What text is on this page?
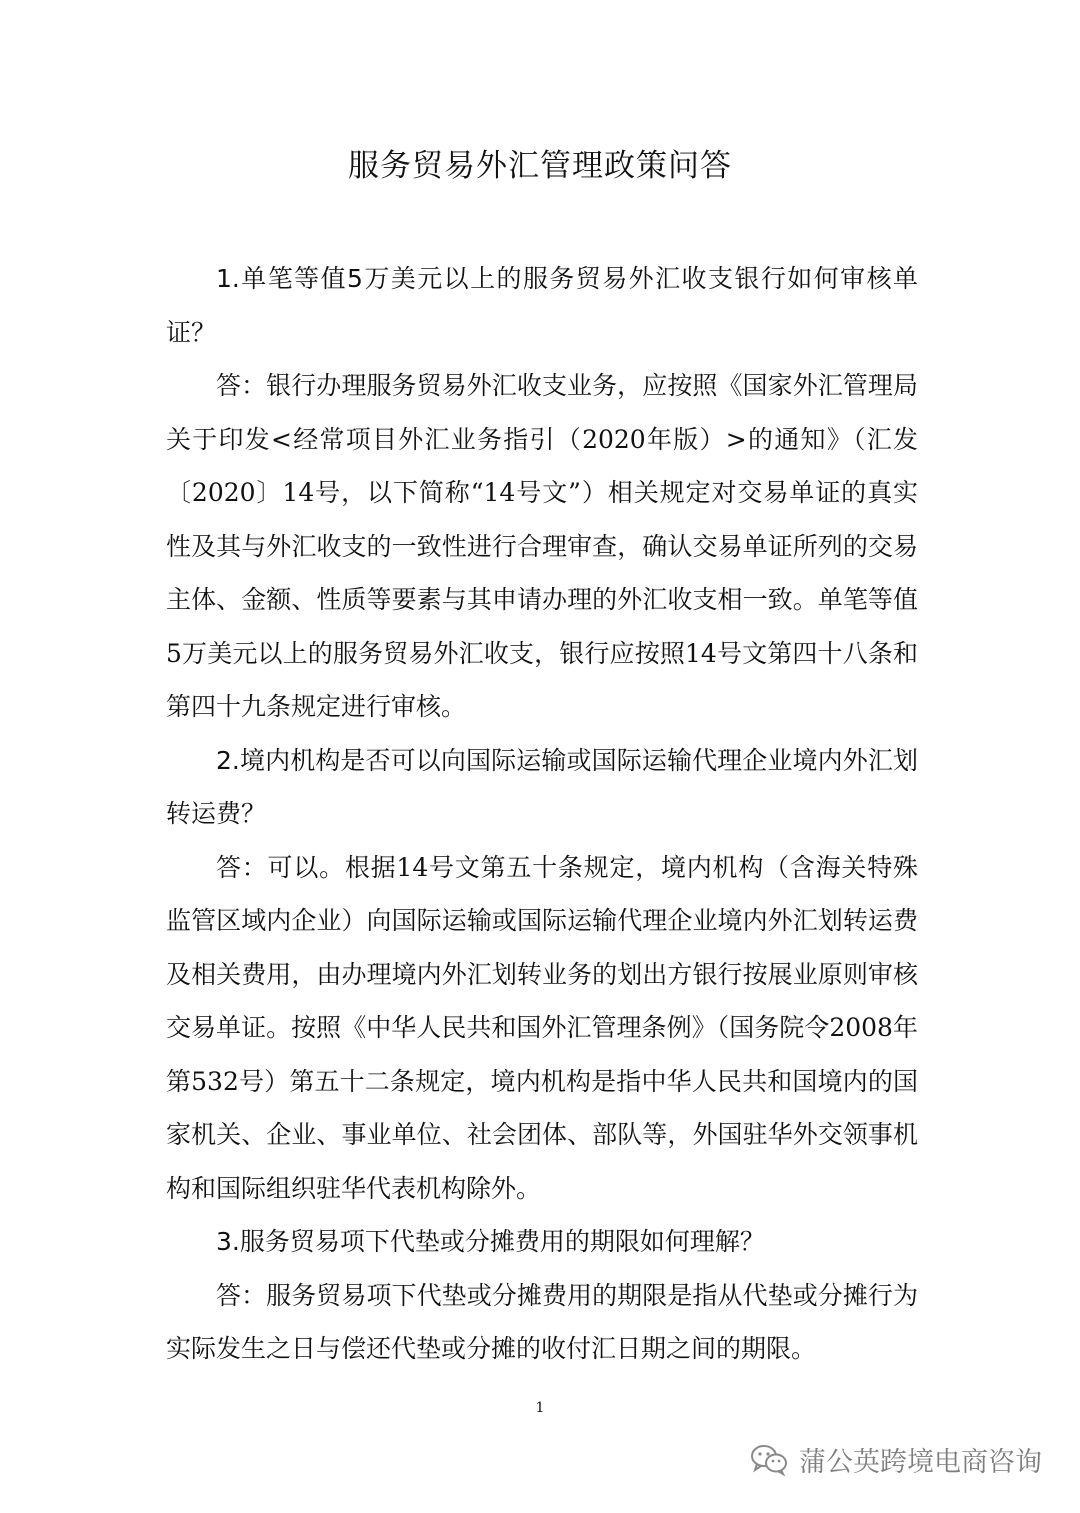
服务贸易外汇管理政策问答

1.单笔等值5万美元以上的服务贸易外汇收支银行如何审核单证？

答：银行办理服务贸易外汇收支业务，应按照《国家外汇管理局关于印发<经常项目外汇业务指引（2020年版）>的通知》（汇发〔2020〕14号，以下简称“14号文”）相关规定对交易单证的真实性及其与外汇收支的一致性进行合理审查，确认交易单证所列的交易主体、金额、性质等要素与其申请办理的外汇收支相一致。单笔等值5万美元以上的服务贸易外汇收支，银行应按照14号文第四十八条和第四十九条规定进行审核。

2.境内机构是否可以向国际运输或国际运输代理企业境内外汇划转运费？

答：可以。根据14号文第五十条规定，境内机构（含海关特殊监管区域内企业）向国际运输或国际运输代理企业境内外汇划转运费及相关费用，由办理境内外汇划转业务的划出方银行按展业原则审核交易单证。按照《中华人民共和国外汇管理条例》（国务院令2008年第532号）第五十二条规定，境内机构是指中华人民共和国境内的国家机关、企业、事业单位、社会团体、部队等，外国驻华外交领事机构和国际组织驻华代表机构除外。

3.服务贸易项下代垫或分摊费用的期限如何理解？

答：服务贸易项下代垫或分摊费用的期限是指从代垫或分摊行为实际发生之日与偿还代垫或分摊的收付汇日期之间的期限。

1
蒲公英跨境电商咨询
